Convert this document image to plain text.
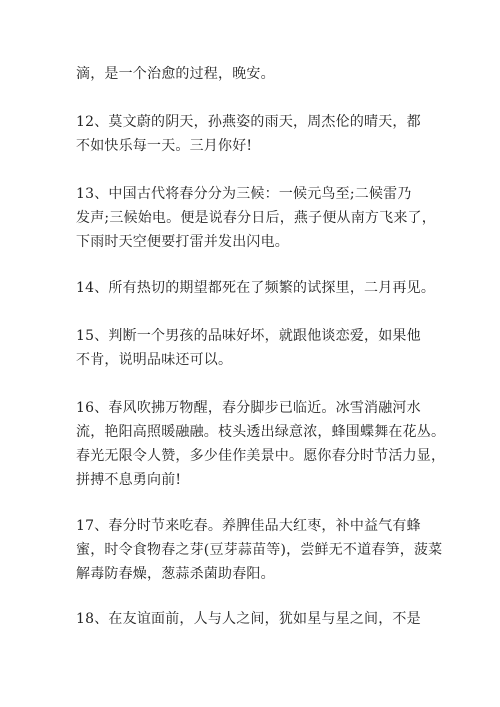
滴，是一个治愈的过程，晚安。

12、莫文蔚的阴天，孙燕姿的雨天，周杰伦的晴天，都
不如快乐每一天。三月你好!

13、中国古代将春分分为三候：一候元鸟至;二候雷乃
发声;三候始电。便是说春分日后，燕子便从南方飞来了，
下雨时天空便要打雷并发出闪电。

14、所有热切的期望都死在了频繁的试探里，二月再见。

15、判断一个男孩的品味好坏，就跟他谈恋爱，如果他
不肯，说明品味还可以。

16、春风吹拂万物醒，春分脚步已临近。冰雪消融河水
流，艳阳高照暖融融。枝头透出绿意浓，蜂围蝶舞在花丛。
春光无限令人赞，多少佳作美景中。愿你春分时节活力显，
拼搏不息勇向前!

17、春分时节来吃春。养脾佳品大红枣，补中益气有蜂
蜜，时令食物春之芽(豆芽蒜苗等)，尝鲜无不道春笋，菠菜
解毒防春燥，葱蒜杀菌助春阳。

18、在友谊面前，人与人之间，犹如星与星之间，不是
